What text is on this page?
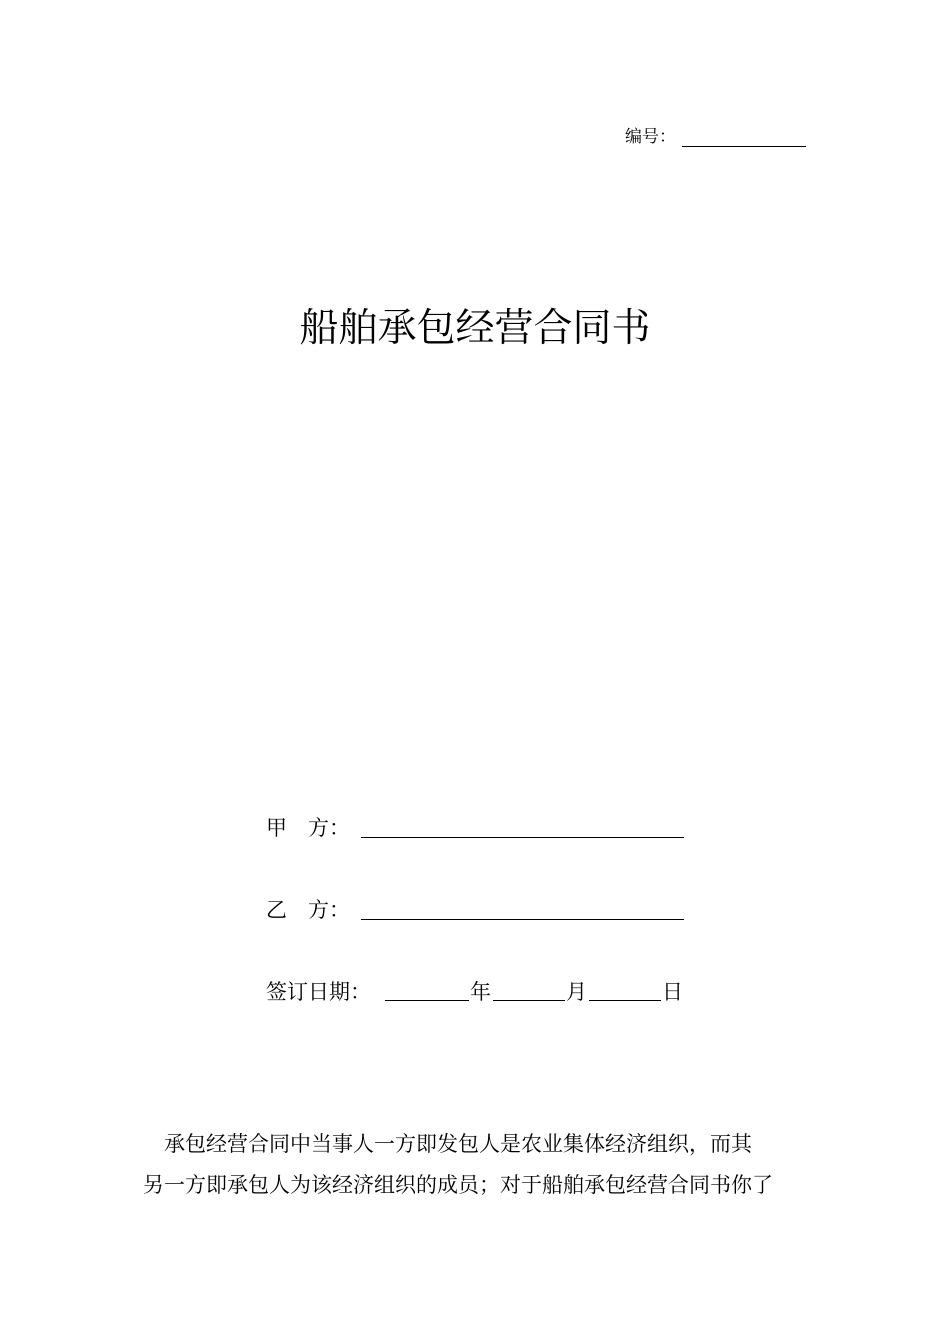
编号：
船舶承包经营合同书
甲　方：
乙　方：
签订日期：	年	月	日
承包经营合同中当事人一方即发包人是农业集体经济组织，而其
另一方即承包人为该经济组织的成员；对于船舶承包经营合同书你了
